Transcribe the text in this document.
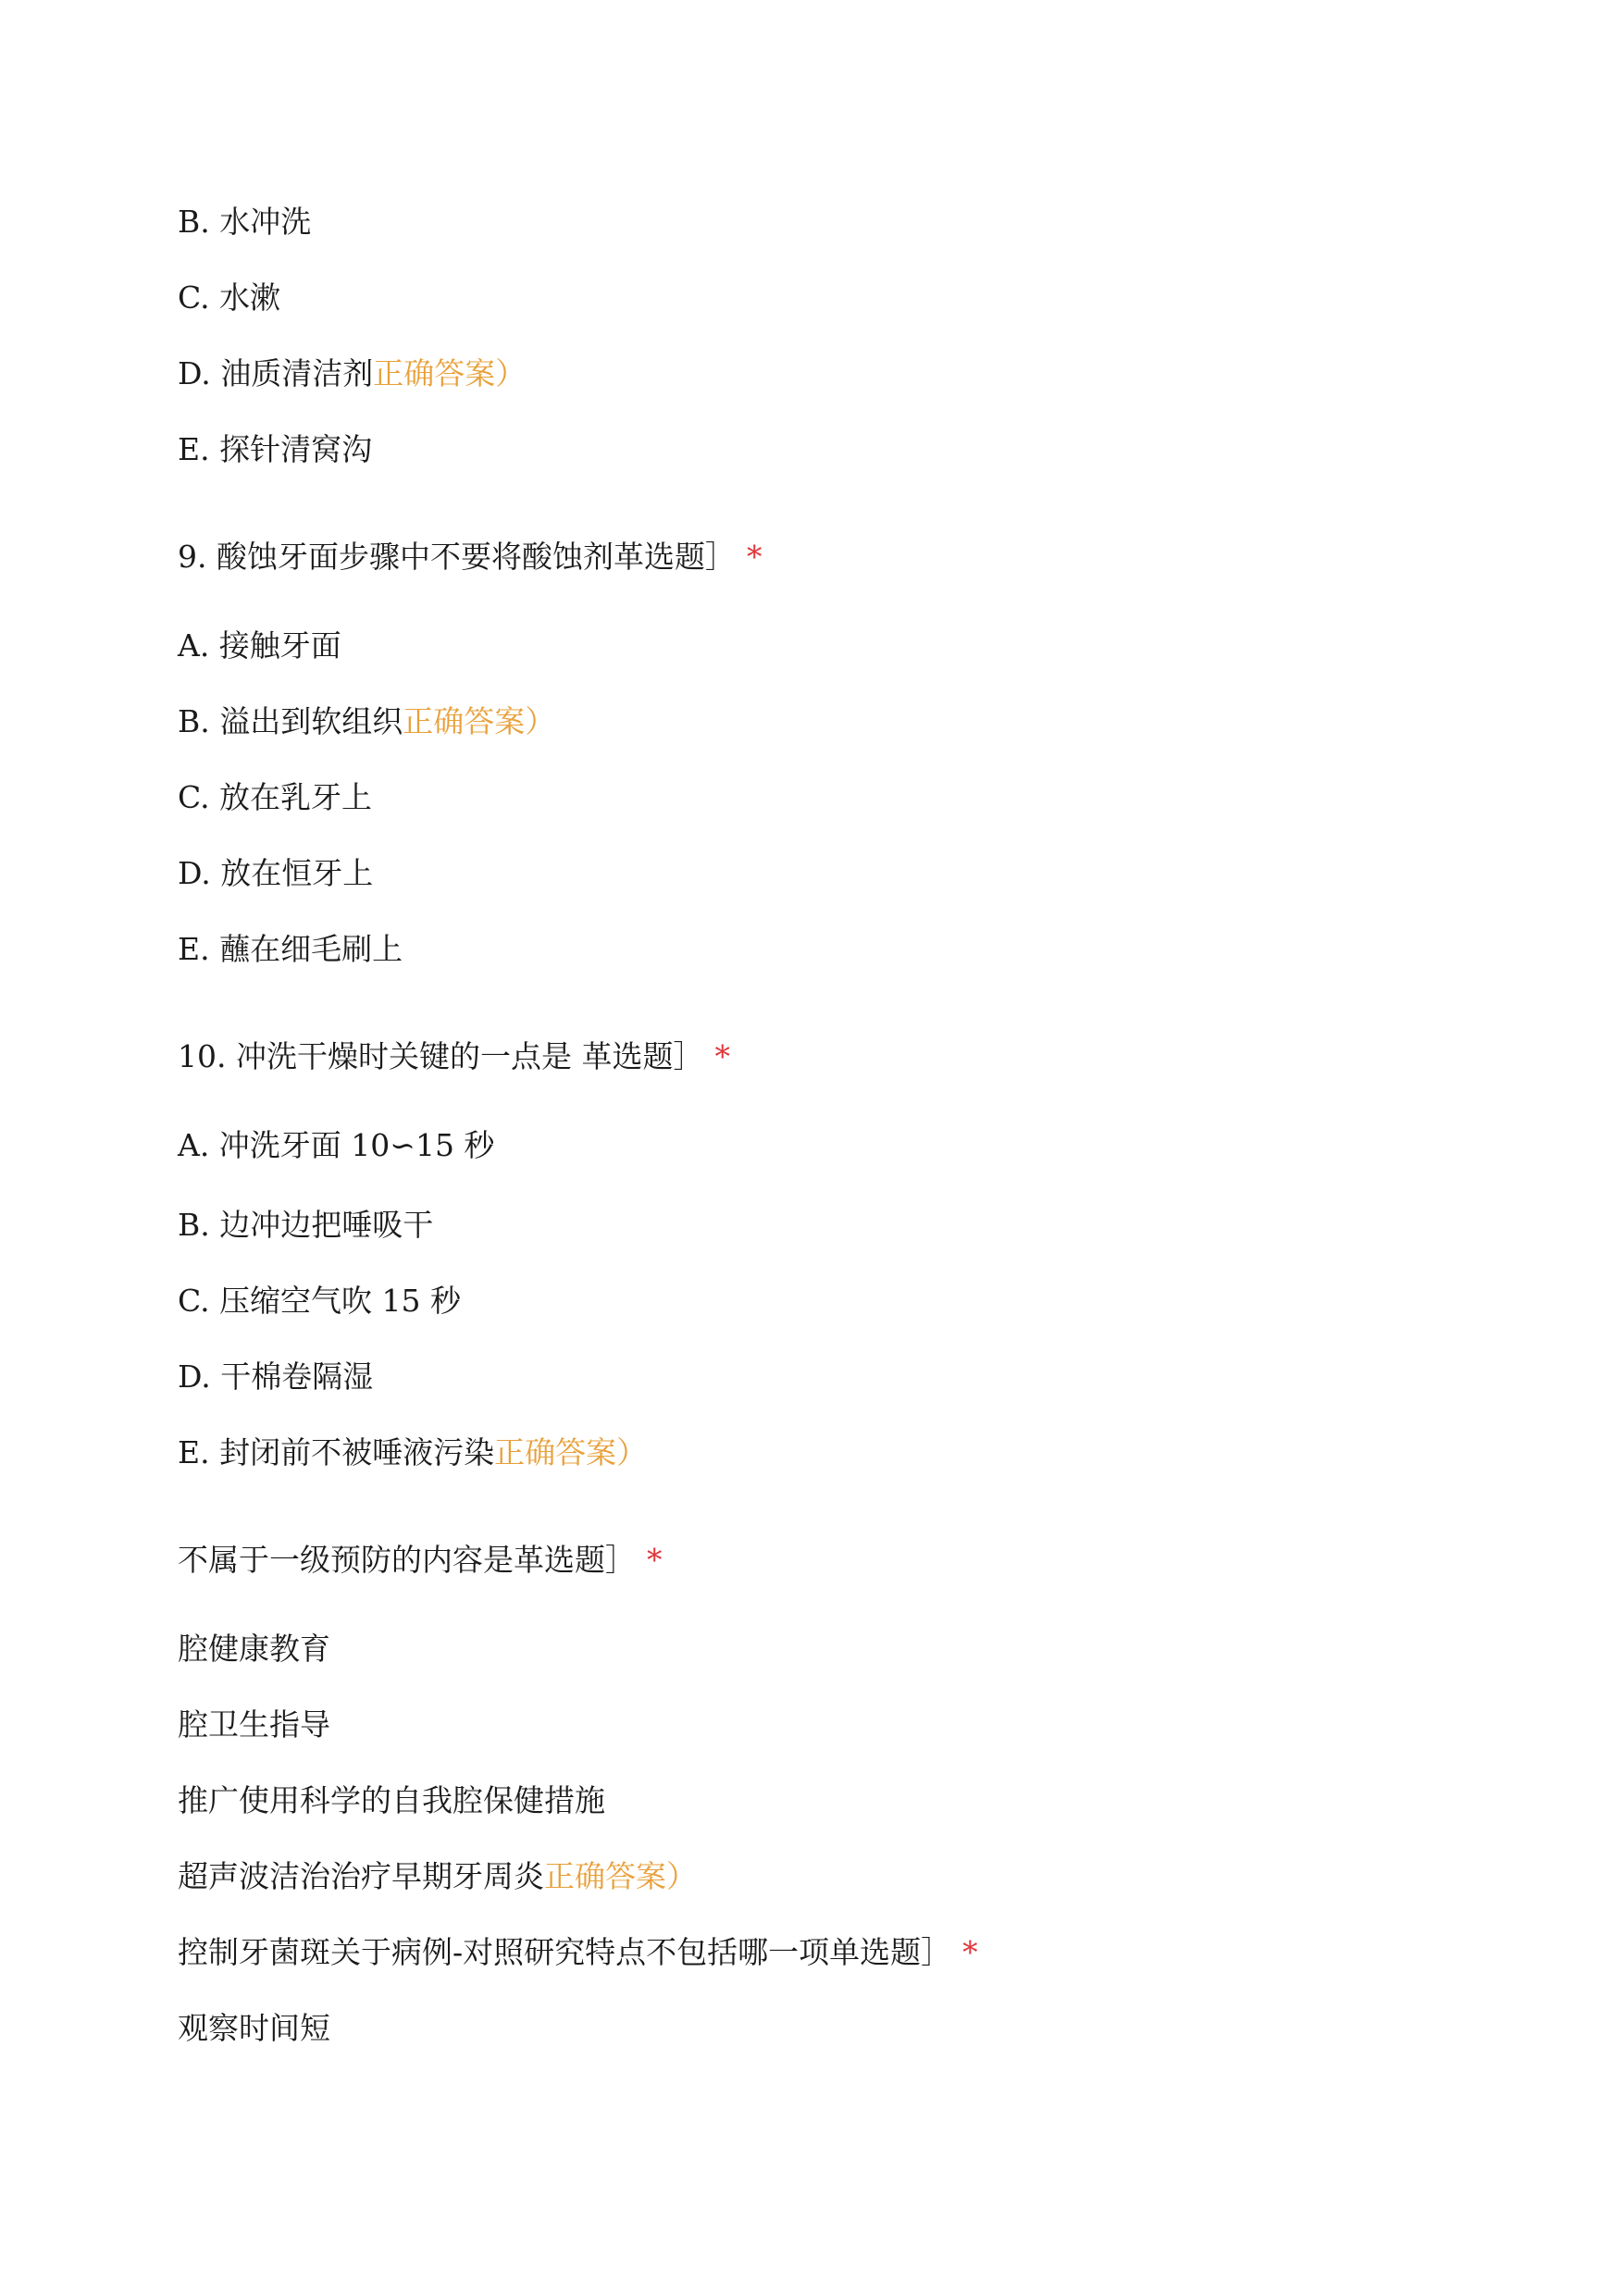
B. 水冲洗
C. 水漱
D. 油质清洁剂正确答案）
E. 探针清窝沟
9. 酸蚀牙面步骤中不要将酸蚀剂革选题］ *
A. 接触牙面
B. 溢出到软组织正确答案）
C. 放在乳牙上
D. 放在恒牙上
E. 蘸在细毛刷上
10. 冲洗干燥时关键的一点是 革选题］ *
A. 冲洗牙面 10∽15 秒
B. 边冲边把唾吸干
C. 压缩空气吹 15 秒
D. 干棉卷隔湿
E. 封闭前不被唾液污染正确答案）
不属于一级预防的内容是革选题］ *
腔健康教育
腔卫生指导
推广使用科学的自我腔保健措施
超声波洁治治疗早期牙周炎正确答案）
控制牙菌斑关于病例-对照研究特点不包括哪一项单选题］ *
观察时间短
